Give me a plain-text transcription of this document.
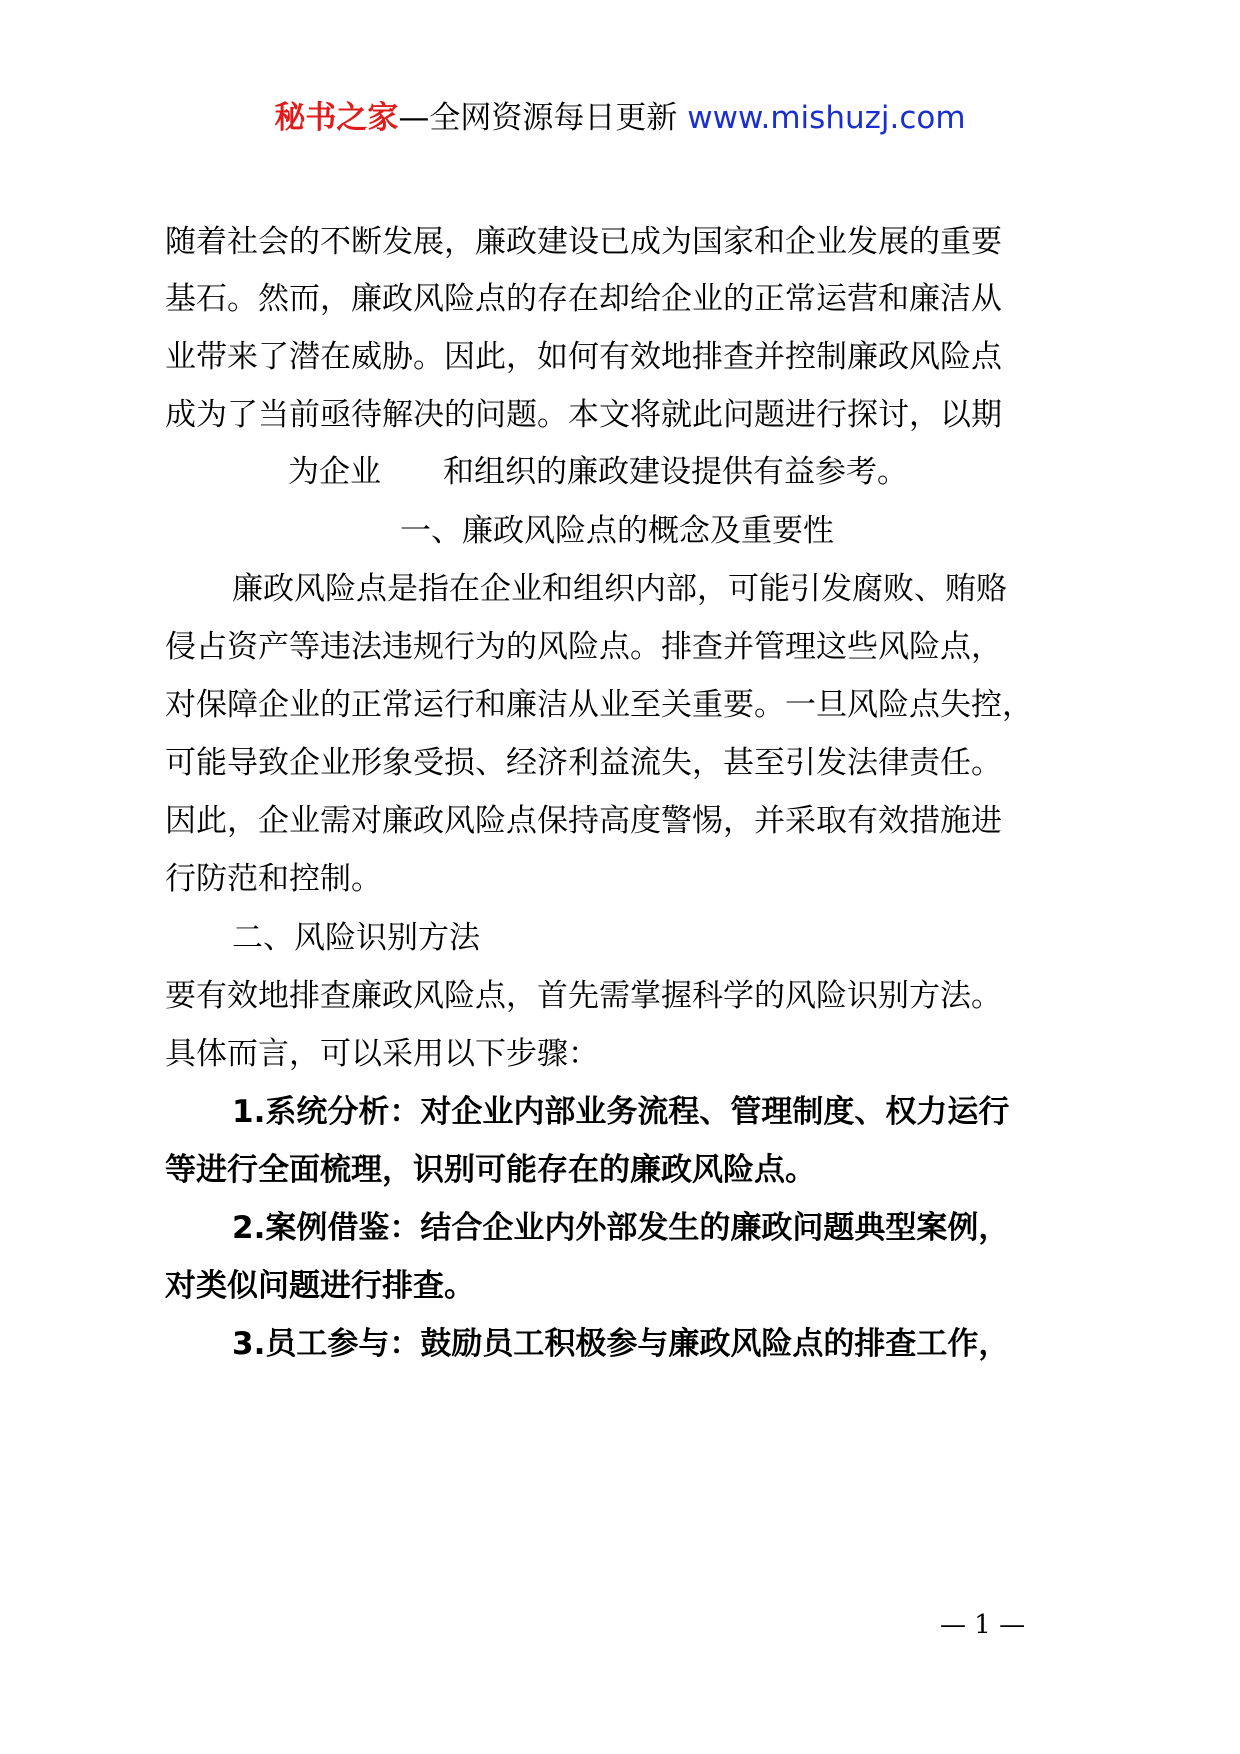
秘书之家—全网资源每日更新 www.mishuzj.com
随着社会的不断发展，廉政建设已成为国家和企业发展的重要
基石。然而，廉政风险点的存在却给企业的正常运营和廉洁从
业带来了潜在威胁。因此，如何有效地排查并控制廉政风险点
成为了当前亟待解决的问题。本文将就此问题进行探讨，以期
为企业　　和组织的廉政建设提供有益参考。
一、廉政风险点的概念及重要性
廉政风险点是指在企业和组织内部，可能引发腐败、贿赂
侵占资产等违法违规行为的风险点。排查并管理这些风险点，
对保障企业的正常运行和廉洁从业至关重要。一旦风险点失控，
可能导致企业形象受损、经济利益流失，甚至引发法律责任。
因此，企业需对廉政风险点保持高度警惕，并采取有效措施进
行防范和控制。
二、风险识别方法
要有效地排查廉政风险点，首先需掌握科学的风险识别方法。
具体而言，可以采用以下步骤：
1.系统分析：对企业内部业务流程、管理制度、权力运行
等进行全面梳理，识别可能存在的廉政风险点。
2.案例借鉴：结合企业内外部发生的廉政问题典型案例，
对类似问题进行排查。
3.员工参与：鼓励员工积极参与廉政风险点的排查工作，
— 1 —
